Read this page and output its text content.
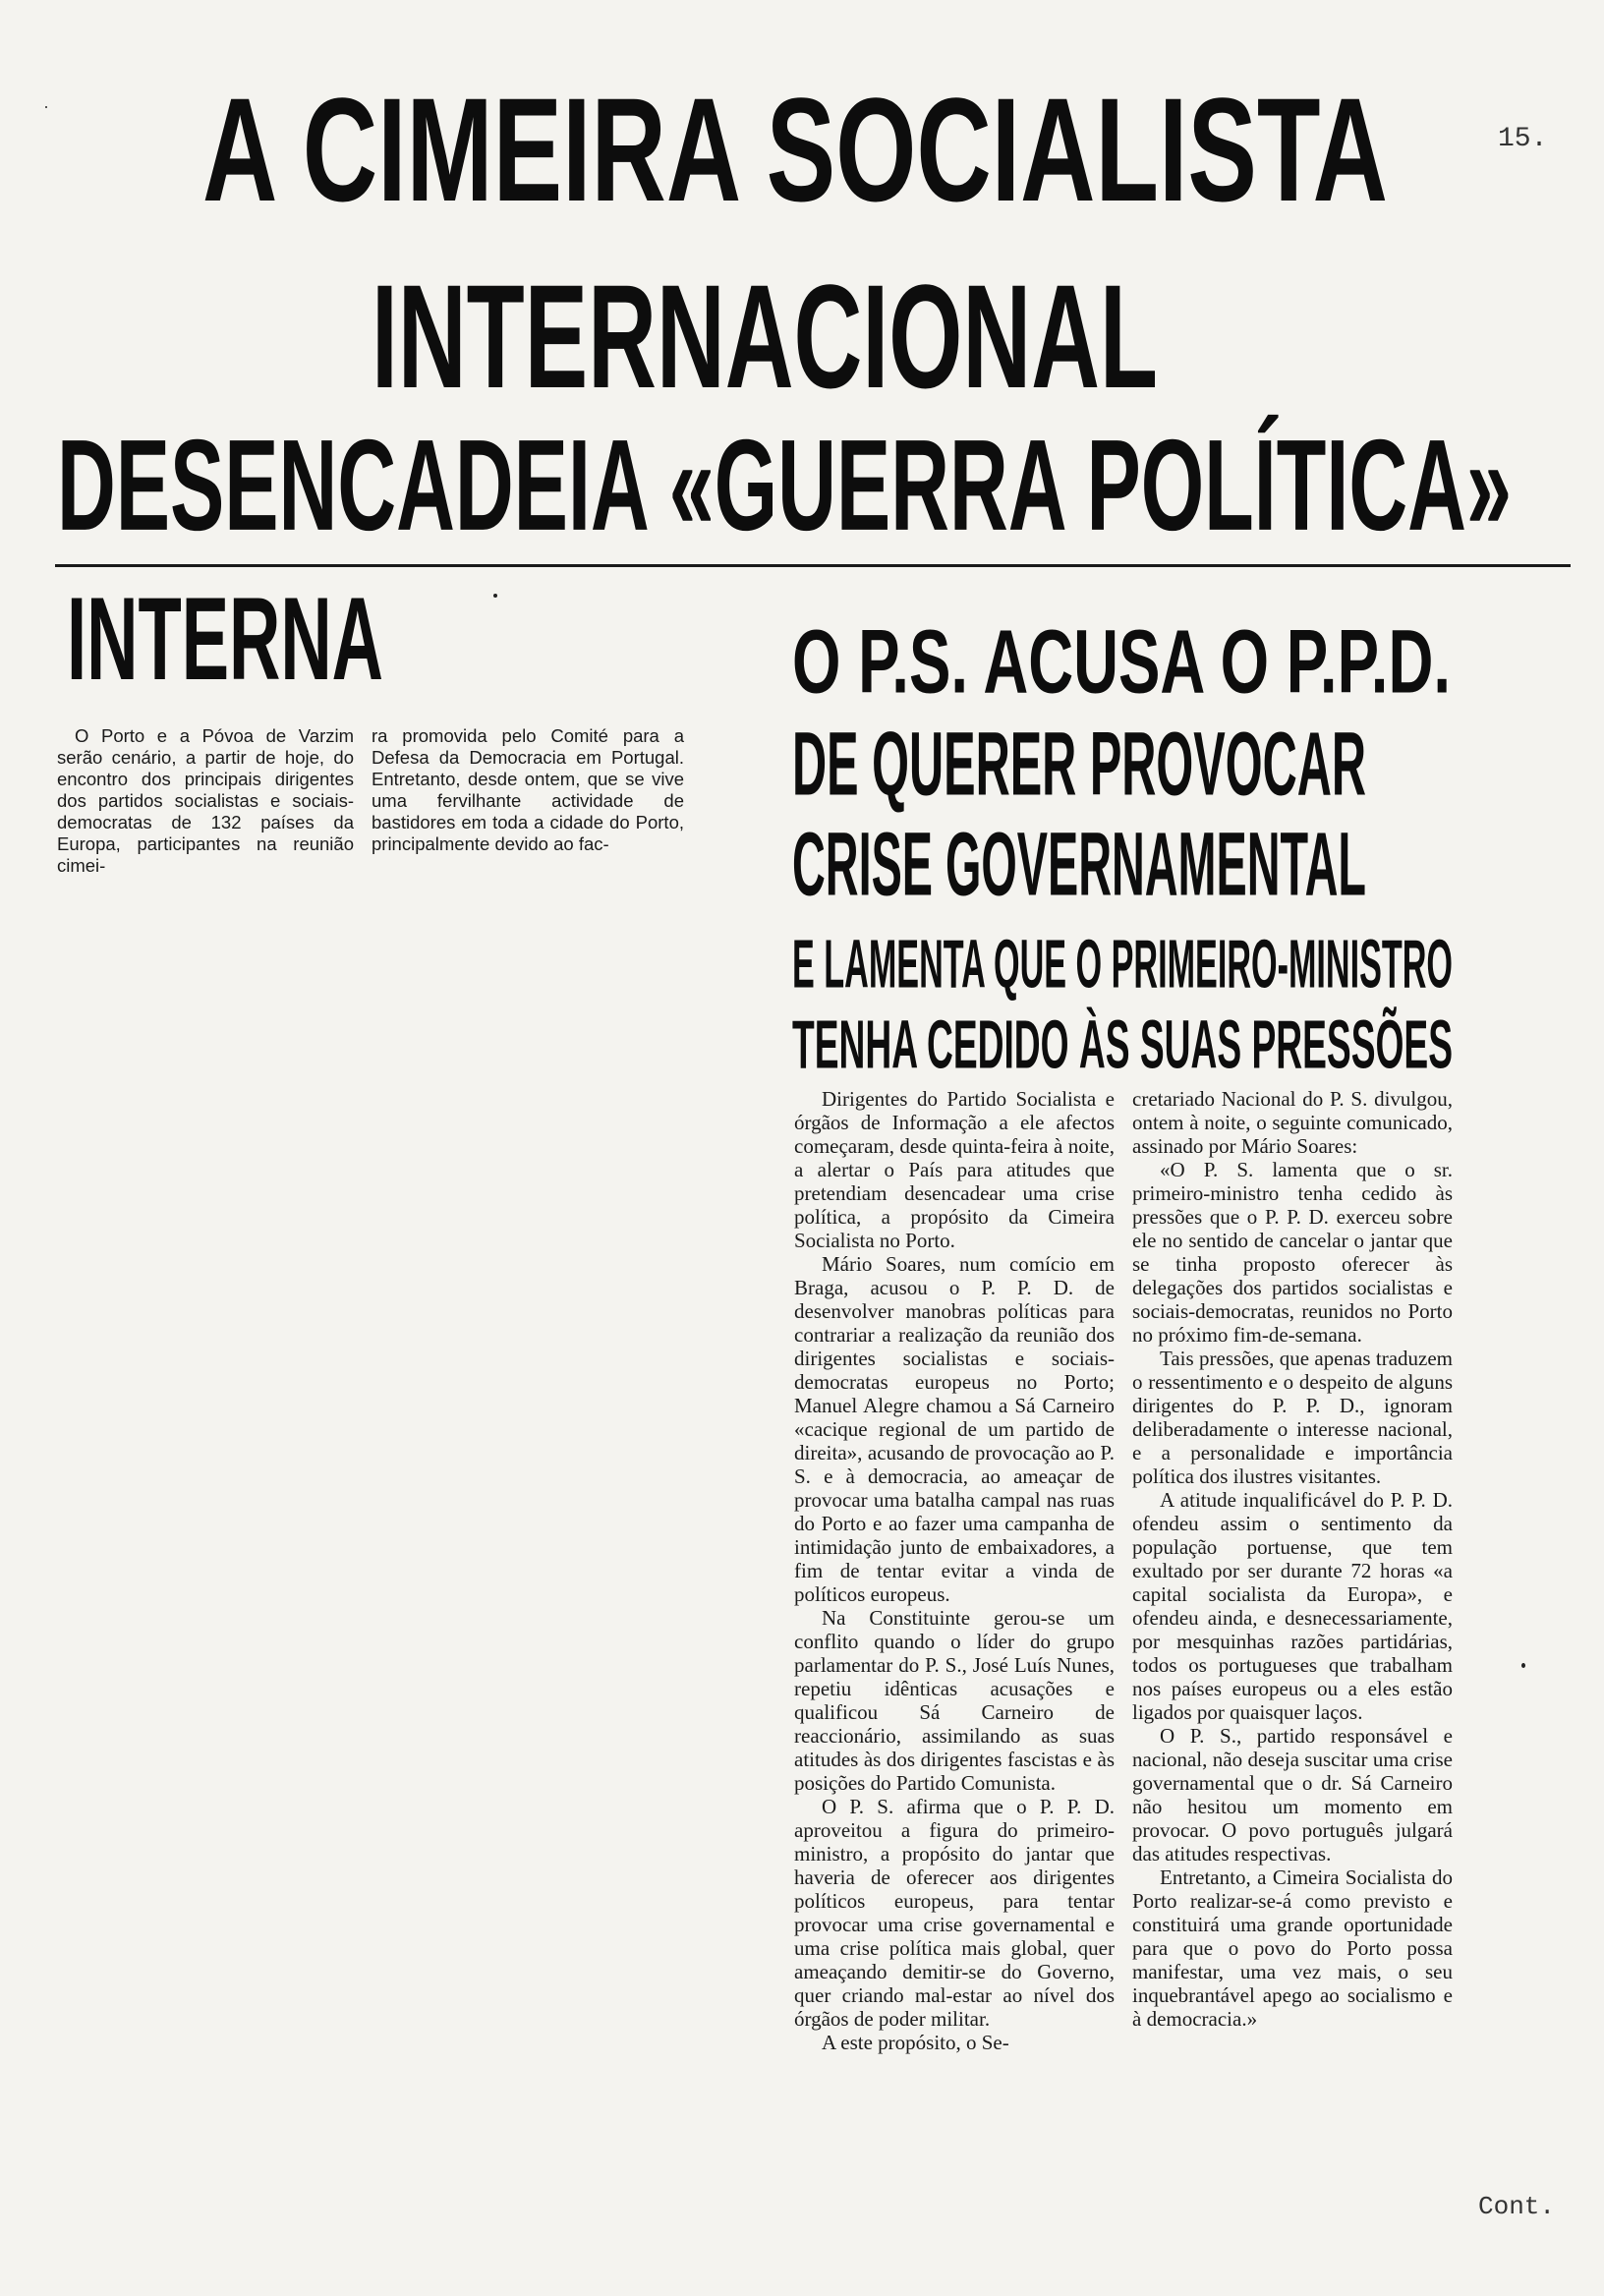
15.
A CIMEIRA SOCIALISTA
INTERNACIONAL
DESENCADEIA «GUERRA POLÍTICA»
INTERNA

O Porto e a Póvoa de Varzim serão cenário, a partir de hoje, do encontro dos principais dirigentes dos partidos socialistas e sociais-democratas de 132 países da Europa, participantes na reunião cimei-

ra promovida pelo Comité para a Defesa da Democracia em Portugal. Entretanto, desde ontem, que se vive uma fervilhante actividade de bastidores em toda a cidade do Porto, principalmente devido ao fac-

O P.S. ACUSA O P.P.D.
DE QUERER PROVOCAR
CRISE GOVERNAMENTAL
E LAMENTA QUE O PRIMEIRO-MINISTRO
TENHA CEDIDO ÀS SUAS PRESSÕES

Dirigentes do Partido Socialista e órgãos de Informação a ele afectos começaram, desde quinta-feira à noite, a alertar o País para atitudes que pretendiam desencadear uma crise política, a propósito da Cimeira Socialista no Porto.

Mário Soares, num comício em Braga, acusou o P. P. D. de desenvolver manobras políticas para contrariar a realização da reunião dos dirigentes socialistas e sociais-democratas europeus no Porto; Manuel Alegre chamou a Sá Carneiro «cacique regional de um partido de direita», acusando de provocação ao P. S. e à democracia, ao ameaçar de provocar uma batalha campal nas ruas do Porto e ao fazer uma campanha de intimidação junto de embaixadores, a fim de tentar evitar a vinda de políticos europeus.

Na Constituinte gerou-se um conflito quando o líder do grupo parlamentar do P. S., José Luís Nunes, repetiu idênticas acusações e qualificou Sá Carneiro de reaccionário, assimilando as suas atitudes às dos dirigentes fascistas e às posições do Partido Comunista.

O P. S. afirma que o P. P. D. aproveitou a figura do primeiro-ministro, a propósito do jantar que haveria de oferecer aos dirigentes políticos europeus, para tentar provocar uma crise governamental e uma crise política mais global, quer ameaçando demitir-se do Governo, quer criando mal-estar ao nível dos órgãos de poder militar.

A este propósito, o Se-

cretariado Nacional do P. S. divulgou, ontem à noite, o seguinte comunicado, assinado por Mário Soares:

«O P. S. lamenta que o sr. primeiro-ministro tenha cedido às pressões que o P. P. D. exerceu sobre ele no sentido de cancelar o jantar que se tinha proposto oferecer às delegações dos partidos socialistas e sociais-democratas, reunidos no Porto no próximo fim-de-semana.

Tais pressões, que apenas traduzem o ressentimento e o despeito de alguns dirigentes do P. P. D., ignoram deliberadamente o interesse nacional, e a personalidade e importância política dos ilustres visitantes.

A atitude inqualificável do P. P. D. ofendeu assim o sentimento da população portuense, que tem exultado por ser durante 72 horas «a capital socialista da Europa», e ofendeu ainda, e desnecessariamente, por mesquinhas razões partidárias, todos os portugueses que trabalham nos países europeus ou a eles estão ligados por quaisquer laços.

O P. S., partido responsável e nacional, não deseja suscitar uma crise governamental que o dr. Sá Carneiro não hesitou um momento em provocar. O povo português julgará das atitudes respectivas.

Entretanto, a Cimeira Socialista do Porto realizar-se-á como previsto e constituirá uma grande oportunidade para que o povo do Porto possa manifestar, uma vez mais, o seu inquebrantável apego ao socialismo e à democracia.»

Cont.
